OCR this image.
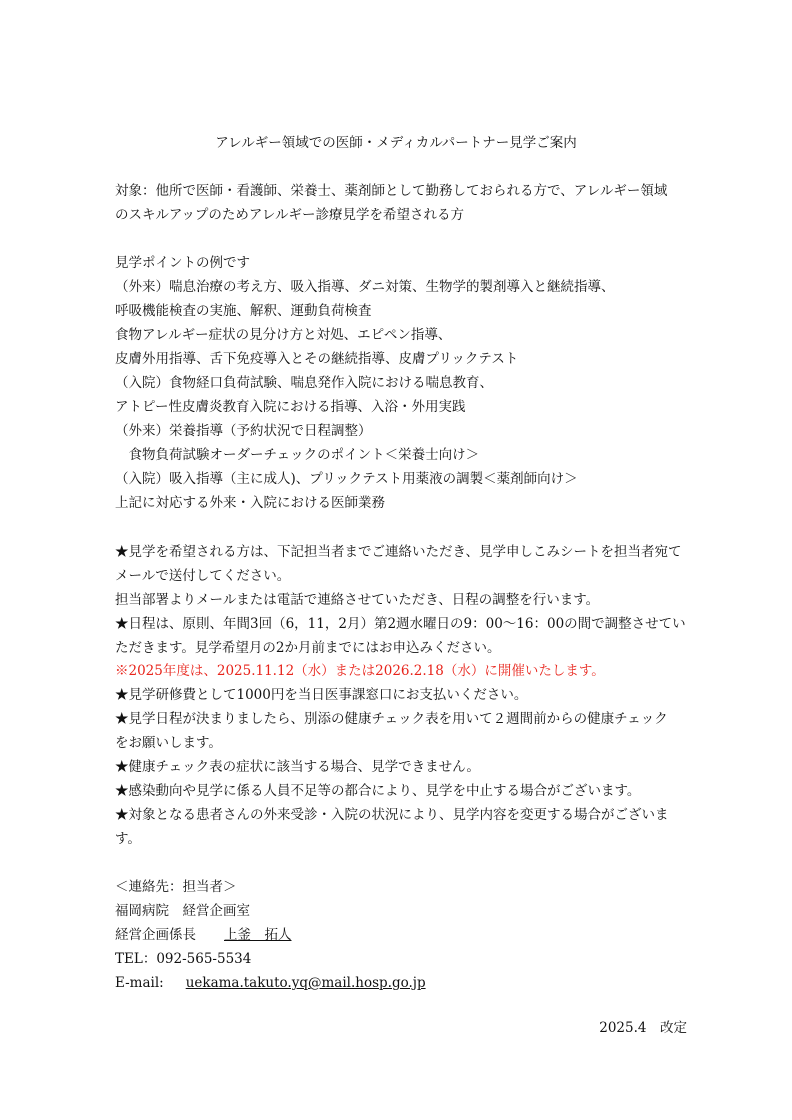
アレルギー領域での医師・メディカルパートナー見学ご案内
対象：他所で医師・看護師、栄養士、薬剤師として勤務しておられる方で、アレルギー領域
のスキルアップのためアレルギー診療見学を希望される方
見学ポイントの例です
（外来）喘息治療の考え方、吸入指導、ダニ対策、生物学的製剤導入と継続指導、
呼吸機能検査の実施、解釈、運動負荷検査
食物アレルギー症状の見分け方と対処、エピペン指導、
皮膚外用指導、舌下免疫導入とその継続指導、皮膚プリックテスト
（入院）食物経口負荷試験、喘息発作入院における喘息教育、
アトピー性皮膚炎教育入院における指導、入浴・外用実践
（外来）栄養指導（予約状況で日程調整）
　食物負荷試験オーダーチェックのポイント＜栄養士向け＞
（入院）吸入指導（主に成人)、プリックテスト用薬液の調製＜薬剤師向け＞
上記に対応する外来・入院における医師業務
★見学を希望される方は、下記担当者までご連絡いただき、見学申しこみシートを担当者宛て
メールで送付してください。
担当部署よりメールまたは電話で連絡させていただき、日程の調整を行います。
★日程は、原則、年間3回（6，11，2月）第2週水曜日の9：00～16：00の間で調整させてい
ただきます。見学希望月の2か月前までにはお申込みください。
※2025年度は、2025.11.12（水）または2026.2.18（水）に開催いたします。
★見学研修費として1000円を当日医事課窓口にお支払いください。
★見学日程が決まりましたら、別添の健康チェック表を用いて２週間前からの健康チェック
をお願いします。
★健康チェック表の症状に該当する場合、見学できません。
★感染動向や見学に係る人員不足等の都合により、見学を中止する場合がございます。
★対象となる患者さんの外来受診・入院の状況により、見学内容を変更する場合がございま
す。
＜連絡先：担当者＞
福岡病院　経営企画室
経営企画係長 上釜　拓人
TEL：092-565-5534
E-mail: uekama.takuto.yq@mail.hosp.go.jp
2025.4　改定
